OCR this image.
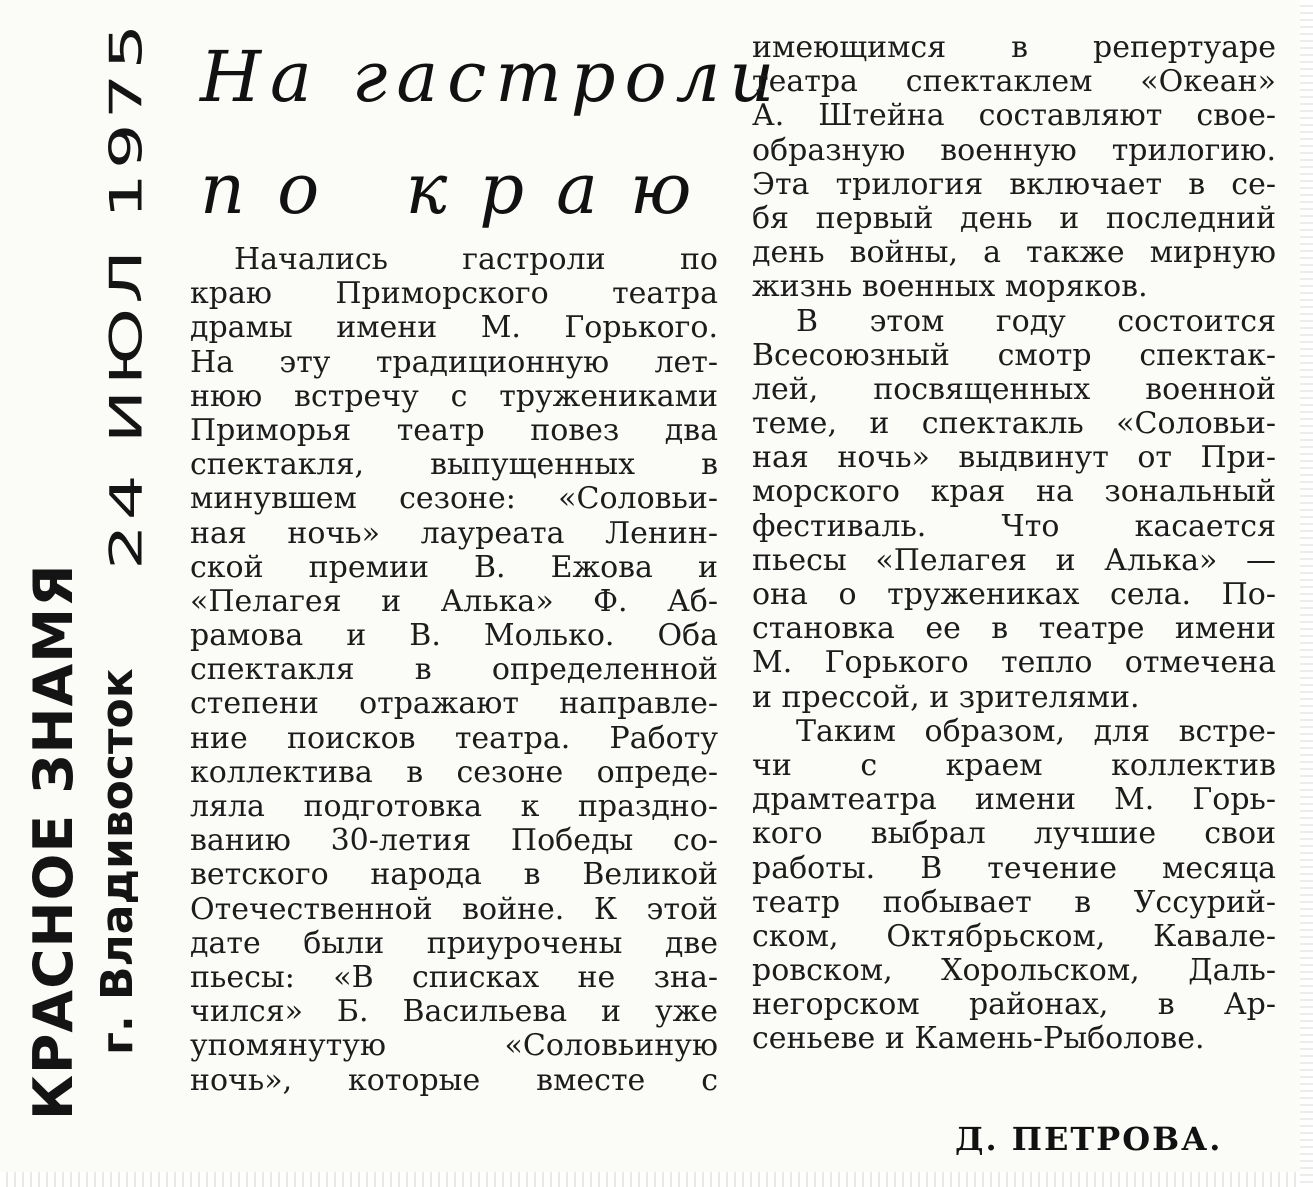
КРАСНОЕ ЗНАМЯ г. Владивосток
24 ИЮЛ 1975 На гастроли
по краю
Начались гастроли по
краю Приморского театра
драмы имени М. Горького.
На эту традиционную лет-
нюю встречу с тружениками
Приморья театр повез два
спектакля, выпущенных в
минувшем сезоне: «Соловьи-
ная ночь» лауреата Ленин-
ской премии В. Ежова и
«Пелагея и Алька» Ф. Аб-
рамова и В. Молько. Оба
спектакля в определенной
степени отражают направле-
ние поисков театра. Работу
коллектива в сезоне опреде-
ляла подготовка к праздно-
ванию 30-летия Победы со-
ветского народа в Великой
Отечественной войне. К этой
дате были приурочены две
пьесы: «В списках не зна-
чился» Б. Васильева и уже
упомянутую «Соловьиную
ночь», которые вместе с
имеющимся в репертуаре
театра спектаклем «Океан»
А. Штейна составляют свое-
образную военную трилогию.
Эта трилогия включает в се-
бя первый день и последний
день войны, а также мирную
жизнь военных моряков.
В этом году состоится
Всесоюзный смотр спектак-
лей, посвященных военной
теме, и спектакль «Соловьи-
ная ночь» выдвинут от При-
морского края на зональный
фестиваль. Что касается
пьесы «Пелагея и Алька» —
она о тружениках села. По-
становка ее в театре имени
М. Горького тепло отмечена
и прессой, и зрителями.
Таким образом, для встре-
чи с краем коллектив
драмтеатра имени М. Горь-
кого выбрал лучшие свои
работы. В течение месяца
театр побывает в Уссурий-
ском, Октябрьском, Кавале-
ровском, Хорольском, Даль-
негорском районах, в Ар-
сеньеве и Камень-Рыболове.
Д. ПЕТРОВА.
